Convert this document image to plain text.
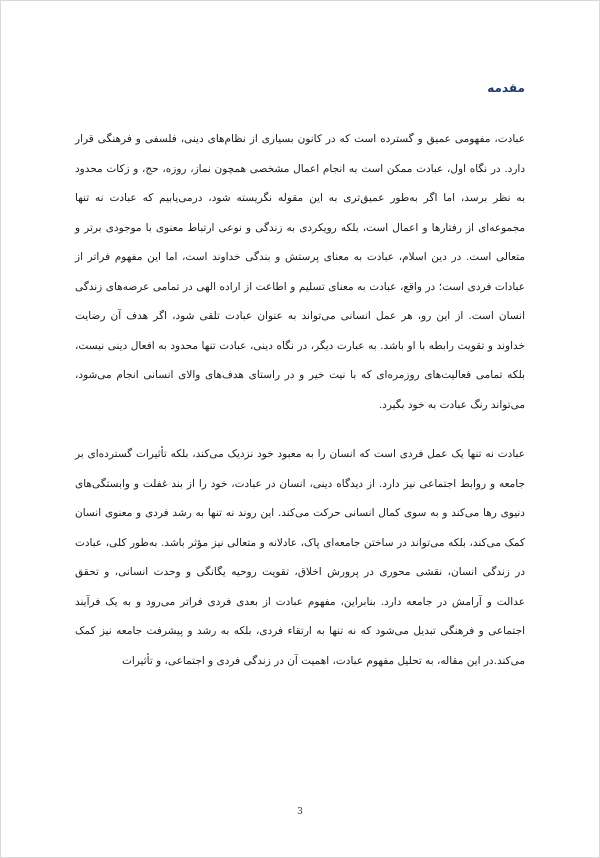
مقدمه

عبادت، مفهومی عمیق و گسترده است که در کانون بسیاری از نظام‌های دینی، فلسفی و فرهنگی قرار دارد. در نگاه اول، عبادت ممکن است به انجام اعمال مشخصی همچون نماز، روزه، حج، و زکات محدود به نظر برسد، اما اگر به‌طور عمیق‌تری به این مقوله نگریسته شود، درمی‌یابیم که عبادت نه تنها مجموعه‌ای از رفتارها و اعمال است، بلکه رویکردی به زندگی و نوعی ارتباط معنوی با موجودی برتر و متعالی است. در دین اسلام، عبادت به معنای پرستش و بندگی خداوند است، اما این مفهوم فراتر از عبادات فردی است؛ در واقع، عبادت به معنای تسلیم و اطاعت از اراده الهی در تمامی عرصه‌های زندگی انسان است. از این رو، هر عمل انسانی می‌تواند به عنوان عبادت تلقی شود، اگر هدف آن رضایت خداوند و تقویت رابطه با او باشد. به عبارت دیگر، در نگاه دینی، عبادت تنها محدود به افعال دینی نیست، بلکه تمامی فعالیت‌های روزمره‌ای که با نیت خیر و در راستای هدف‌های والای انسانی انجام می‌شود، می‌تواند رنگ عبادت به خود بگیرد.

عبادت نه تنها یک عمل فردی است که انسان را به معبود خود نزدیک می‌کند، بلکه تأثیرات گسترده‌ای بر جامعه و روابط اجتماعی نیز دارد. از دیدگاه دینی، انسان در عبادت، خود را از بند غفلت و وابستگی‌های دنیوی رها می‌کند و به سوی کمال انسانی حرکت می‌کند. این روند نه تنها به رشد فردی و معنوی انسان کمک می‌کند، بلکه می‌تواند در ساختن جامعه‌ای پاک، عادلانه و متعالی نیز مؤثر باشد. به‌طور کلی، عبادت در زندگی انسان، نقشی محوری در پرورش اخلاق، تقویت روحیه یگانگی و وحدت انسانی، و تحقق عدالت و آرامش در جامعه دارد. بنابراین، مفهوم عبادت از بعدی فردی فراتر می‌رود و به یک فرآیند اجتماعی و فرهنگی تبدیل می‌شود که نه تنها به ارتقاء فردی، بلکه به رشد و پیشرفت جامعه نیز کمک می‌کند.در این مقاله، به تحلیل مفهوم عبادت، اهمیت آن در زندگی فردی و اجتماعی، و تأثیرات

3
